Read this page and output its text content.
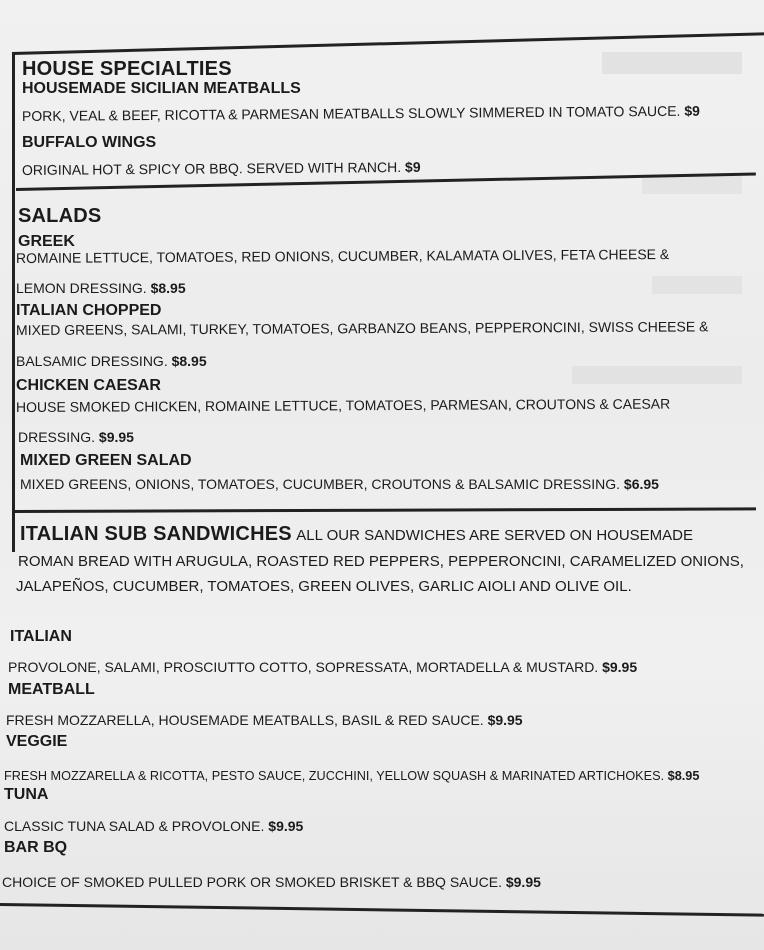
HOUSE SPECIALTIES
HOUSEMADE SICILIAN MEATBALLS
PORK, VEAL & BEEF, RICOTTA & PARMESAN MEATBALLS SLOWLY SIMMERED IN TOMATO SAUCE. $9
BUFFALO WINGS
ORIGINAL HOT & SPICY OR BBQ. SERVED WITH RANCH. $9
SALADS
GREEK
ROMAINE LETTUCE, TOMATOES, RED ONIONS, CUCUMBER, KALAMATA OLIVES, FETA CHEESE &
LEMON DRESSING. $8.95
ITALIAN CHOPPED
MIXED GREENS, SALAMI, TURKEY, TOMATOES, GARBANZO BEANS, PEPPERONCINI, SWISS CHEESE &
BALSAMIC DRESSING. $8.95
CHICKEN CAESAR
HOUSE SMOKED CHICKEN, ROMAINE LETTUCE, TOMATOES, PARMESAN, CROUTONS & CAESAR
DRESSING. $9.95
MIXED GREEN SALAD
MIXED GREENS, ONIONS, TOMATOES, CUCUMBER, CROUTONS & BALSAMIC DRESSING. $6.95
ITALIAN SUB SANDWICHES ALL OUR SANDWICHES ARE SERVED ON HOUSEMADE
ROMAN BREAD WITH ARUGULA, ROASTED RED PEPPERS, PEPPERONCINI, CARAMELIZED ONIONS,
JALAPEÑOS, CUCUMBER, TOMATOES, GREEN OLIVES, GARLIC AIOLI AND OLIVE OIL.
ITALIAN
PROVOLONE, SALAMI, PROSCIUTTO COTTO, SOPRESSATA, MORTADELLA & MUSTARD. $9.95
MEATBALL
FRESH MOZZARELLA, HOUSEMADE MEATBALLS, BASIL & RED SAUCE. $9.95
VEGGIE
FRESH MOZZARELLA & RICOTTA, PESTO SAUCE, ZUCCHINI, YELLOW SQUASH & MARINATED ARTICHOKES. $8.95
TUNA
CLASSIC TUNA SALAD & PROVOLONE. $9.95
BAR BQ
CHOICE OF SMOKED PULLED PORK OR SMOKED BRISKET & BBQ SAUCE. $9.95
